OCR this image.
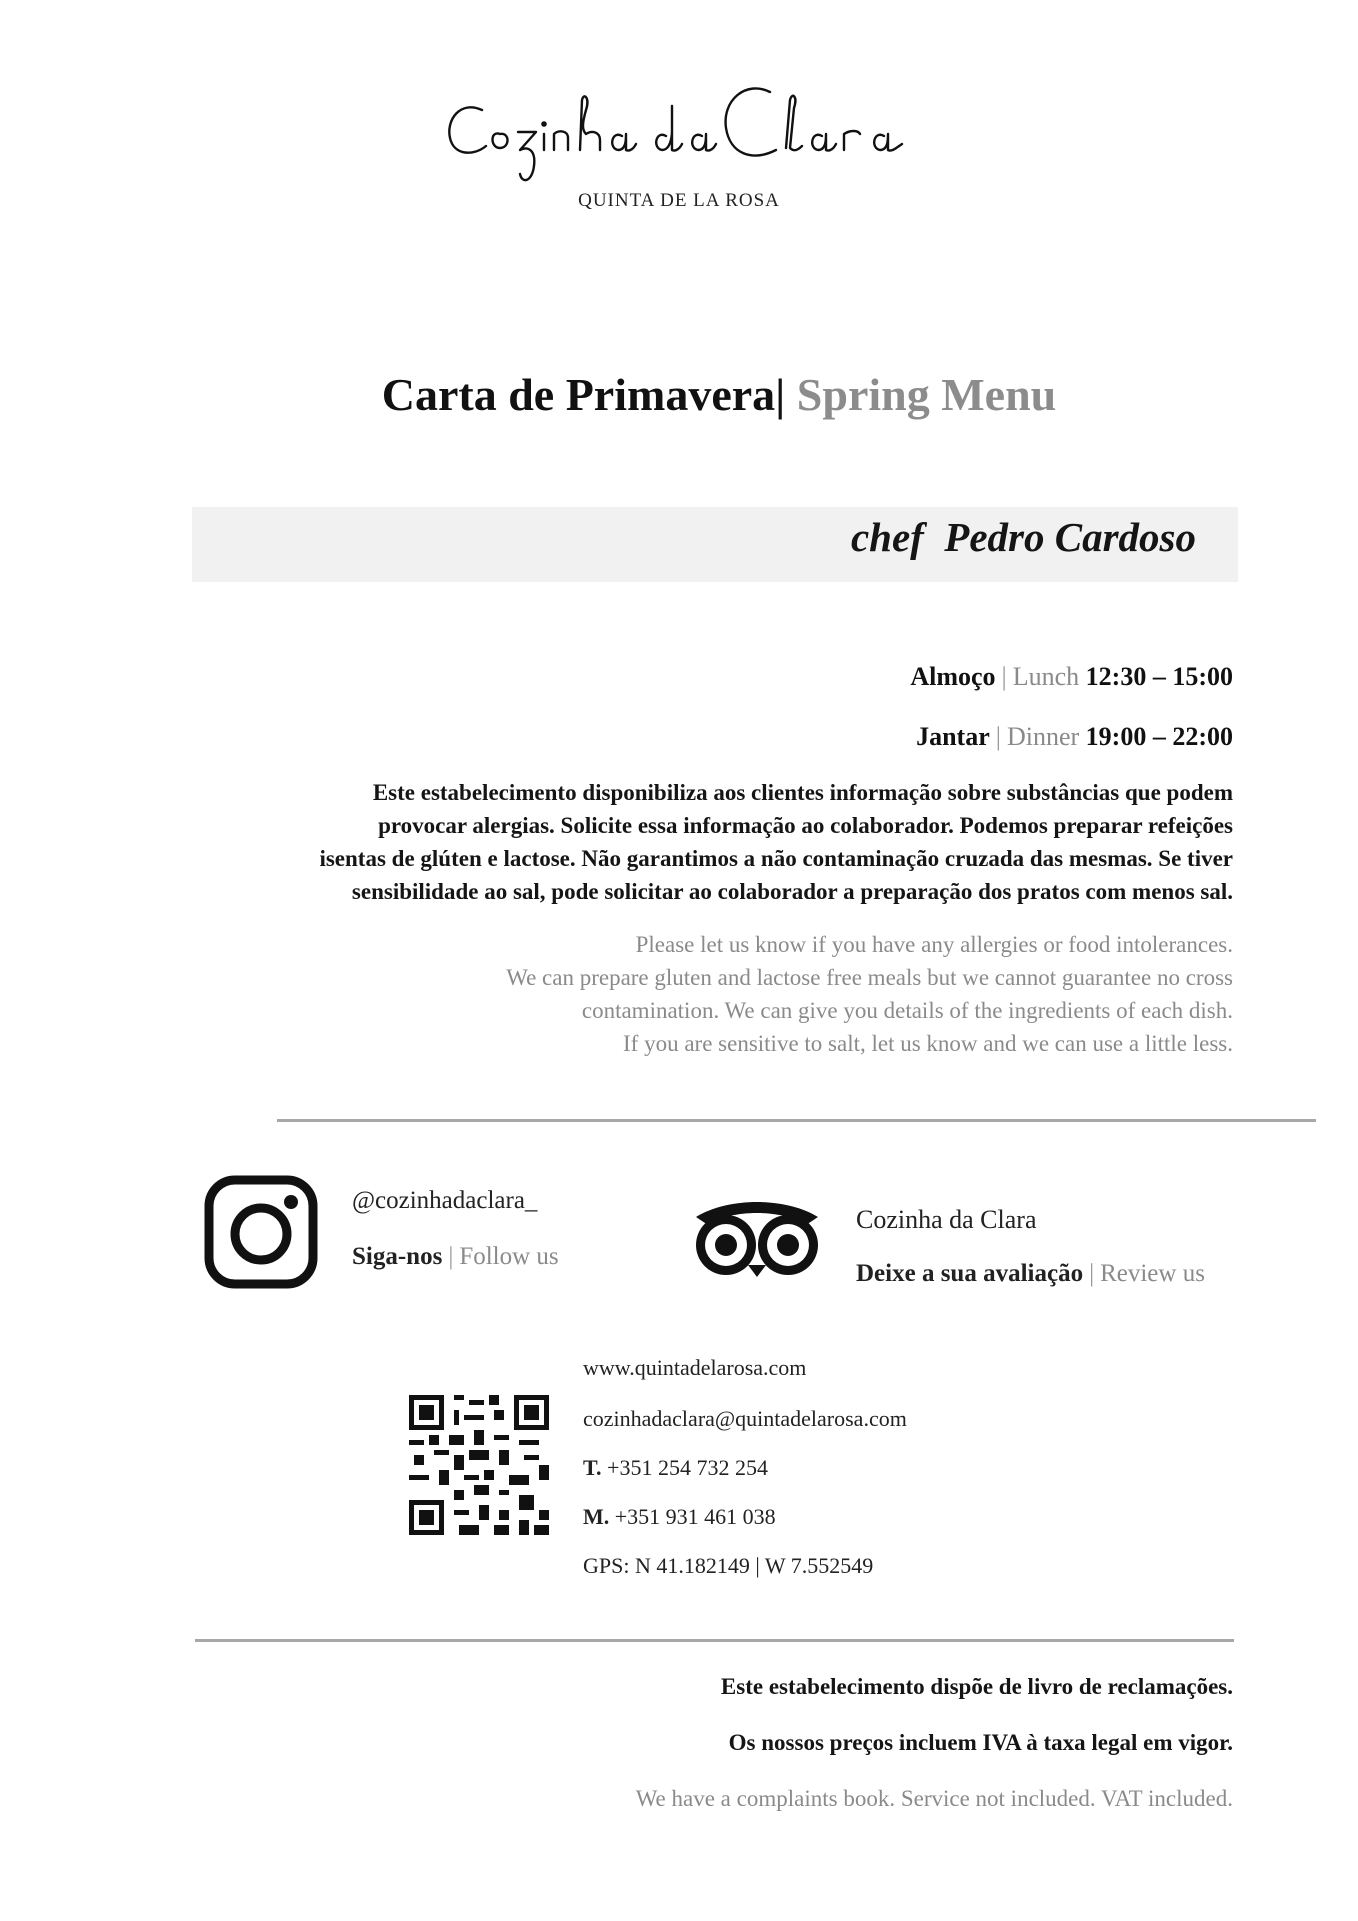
QUINTA DE LA ROSA
Carta de Primavera| Spring Menu
chef  Pedro Cardoso
Almoço | Lunch 12:30 – 15:00
Jantar | Dinner 19:00 – 22:00
Este estabelecimento disponibiliza aos clientes informação sobre substâncias que podem
provocar alergias. Solicite essa informação ao colaborador. Podemos preparar refeições
isentas de glúten e lactose. Não garantimos a não contaminação cruzada das mesmas. Se tiver
sensibilidade ao sal, pode solicitar ao colaborador a preparação dos pratos com menos sal.
Please let us know if you have any allergies or food intolerances.
We can prepare gluten and lactose free meals but we cannot guarantee no cross
contamination. We can give you details of the ingredients of each dish.
If you are sensitive to salt, let us know and we can use a little less.
@cozinhadaclara_
Siga-nos | Follow us
Cozinha da Clara
Deixe a sua avaliação | Review us
www.quintadelarosa.com
cozinhadaclara@quintadelarosa.com
T. +351 254 732 254
M. +351 931 461 038
GPS: N 41.182149 | W 7.552549
Este estabelecimento dispõe de livro de reclamações.
Os nossos preços incluem IVA à taxa legal em vigor.
We have a complaints book. Service not included. VAT included.
